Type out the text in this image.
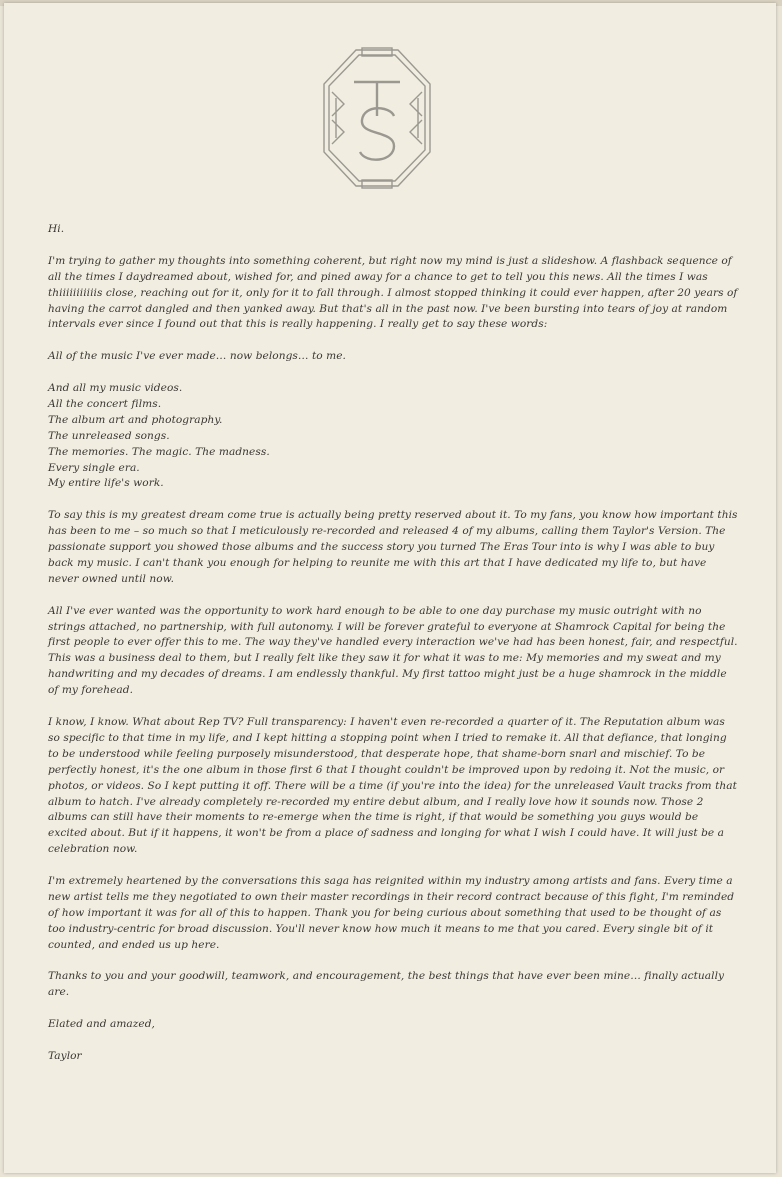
Hi.

I'm trying to gather my thoughts into something coherent, but right now my mind is just a slideshow. A flashback sequence of all the times I daydreamed about, wished for, and pined away for a chance to get to tell you this news. All the times I was thiiiiiiiiiiis close, reaching out for it, only for it to fall through. I almost stopped thinking it could ever happen, after 20 years of having the carrot dangled and then yanked away. But that's all in the past now. I've been bursting into tears of joy at random intervals ever since I found out that this is really happening. I really get to say these words:

All of the music I've ever made… now belongs… to me.

And all my music videos.
All the concert films.
The album art and photography.
The unreleased songs.
The memories. The magic. The madness.
Every single era.
My entire life's work.

To say this is my greatest dream come true is actually being pretty reserved about it. To my fans, you know how important this has been to me – so much so that I meticulously re-recorded and released 4 of my albums, calling them Taylor's Version. The passionate support you showed those albums and the success story you turned The Eras Tour into is why I was able to buy back my music. I can't thank you enough for helping to reunite me with this art that I have dedicated my life to, but have never owned until now.

All I've ever wanted was the opportunity to work hard enough to be able to one day purchase my music outright with no strings attached, no partnership, with full autonomy. I will be forever grateful to everyone at Shamrock Capital for being the first people to ever offer this to me. The way they've handled every interaction we've had has been honest, fair, and respectful. This was a business deal to them, but I really felt like they saw it for what it was to me: My memories and my sweat and my handwriting and my decades of dreams. I am endlessly thankful. My first tattoo might just be a huge shamrock in the middle of my forehead.

I know, I know. What about Rep TV? Full transparency: I haven't even re-recorded a quarter of it. The Reputation album was so specific to that time in my life, and I kept hitting a stopping point when I tried to remake it. All that defiance, that longing to be understood while feeling purposely misunderstood, that desperate hope, that shame-born snarl and mischief. To be perfectly honest, it's the one album in those first 6 that I thought couldn't be improved upon by redoing it. Not the music, or photos, or videos. So I kept putting it off. There will be a time (if you're into the idea) for the unreleased Vault tracks from that album to hatch. I've already completely re-recorded my entire debut album, and I really love how it sounds now. Those 2 albums can still have their moments to re-emerge when the time is right, if that would be something you guys would be excited about. But if it happens, it won't be from a place of sadness and longing for what I wish I could have. It will just be a celebration now.

I'm extremely heartened by the conversations this saga has reignited within my industry among artists and fans. Every time a new artist tells me they negotiated to own their master recordings in their record contract because of this fight, I'm reminded of how important it was for all of this to happen. Thank you for being curious about something that used to be thought of as too industry-centric for broad discussion. You'll never know how much it means to me that you cared. Every single bit of it counted, and ended us up here.

Thanks to you and your goodwill, teamwork, and encouragement, the best things that have ever been mine… finally actually are.

Elated and amazed,

Taylor
